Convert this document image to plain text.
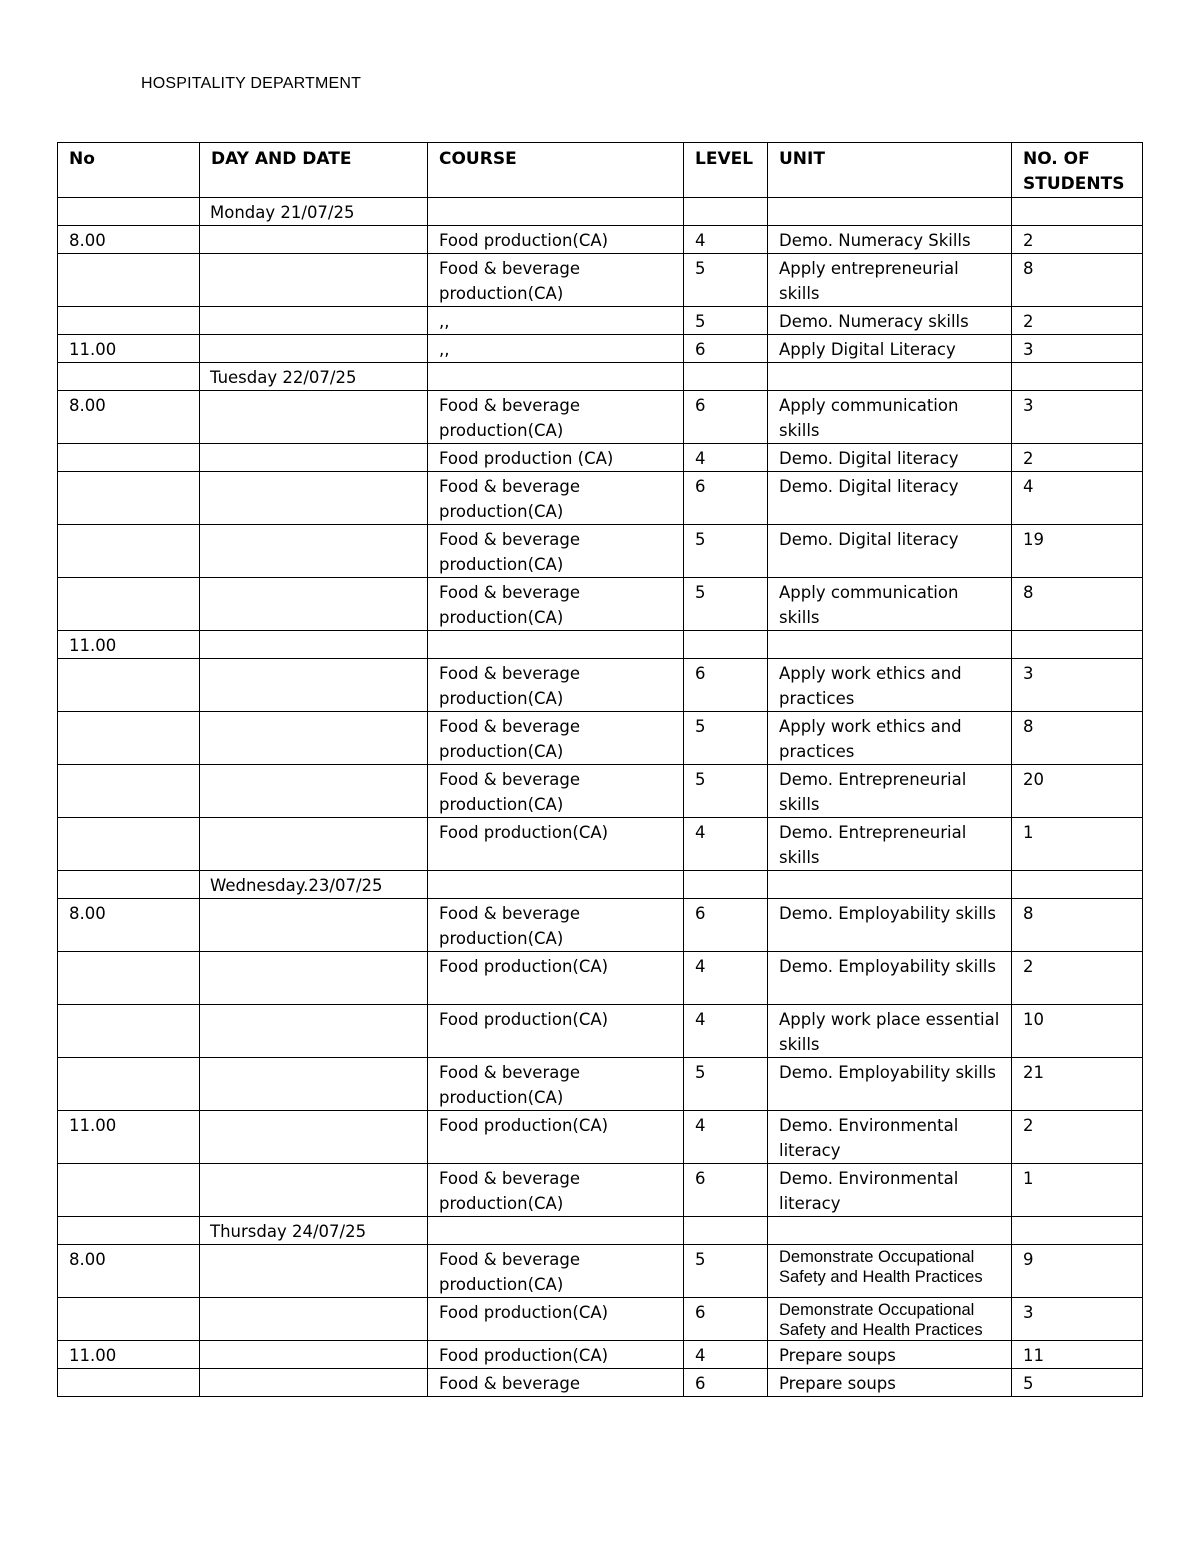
HOSPITALITY DEPARTMENT
No	DAY AND DATE	COURSE	LEVEL	UNIT	NO. OF STUDENTS
	Monday 21/07/25				
8.00		Food production(CA)	4	Demo. Numeracy Skills	2
		Food & beverage production(CA)	5	Apply entrepreneurial skills	8
		,,	5	Demo. Numeracy skills	2
11.00		,,	6	Apply Digital Literacy	3
	Tuesday 22/07/25				
8.00		Food & beverage production(CA)	6	Apply communication skills	3
		Food production (CA)	4	Demo. Digital literacy	2
		Food & beverage production(CA)	6	Demo. Digital literacy	4
		Food & beverage production(CA)	5	Demo. Digital literacy	19
		Food & beverage production(CA)	5	Apply communication skills	8
11.00					
		Food & beverage production(CA)	6	Apply work ethics and practices	3
		Food & beverage production(CA)	5	Apply work ethics and practices	8
		Food & beverage production(CA)	5	Demo. Entrepreneurial skills	20
		Food production(CA)	4	Demo. Entrepreneurial skills	1
	Wednesday.23/07/25				
8.00		Food & beverage production(CA)	6	Demo. Employability skills	8
		Food production(CA)	4	Demo. Employability skills	2
		Food production(CA)	4	Apply work place essential skills	10
		Food & beverage production(CA)	5	Demo. Employability skills	21
11.00		Food production(CA)	4	Demo. Environmental literacy	2
		Food & beverage production(CA)	6	Demo. Environmental literacy	1
	Thursday 24/07/25				
8.00		Food & beverage production(CA)	5	Demonstrate Occupational Safety and Health Practices	9
		Food production(CA)	6	Demonstrate Occupational Safety and Health Practices	3
11.00		Food production(CA)	4	Prepare soups	11
		Food & beverage	6	Prepare soups	5
